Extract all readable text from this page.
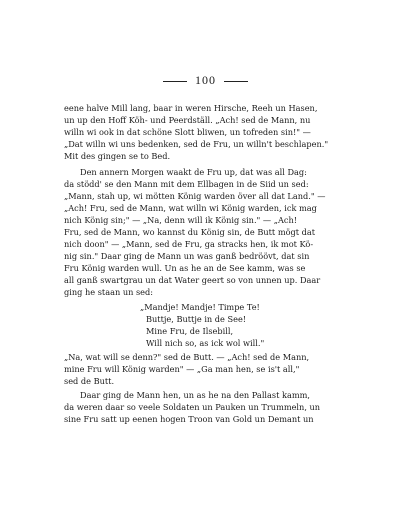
100
eene halve Mill lang, baar in weren Hirsche, Reeh un Hasen,
un up den Hoff Köh- und Peerdställ. „Ach! sed de Mann, nu
willn wi ook in dat schöne Slott bliwen, un tofreden sin!" —
„Dat willn wi uns bedenken, sed de Fru, un willn't beschlapen."
Mit des gingen se to Bed.
Den annern Morgen waakt de Fru up, dat was all Dag:
da stödd' se den Mann mit dem Ellbagen in de Siid un sed:
„Mann, stah up, wi mötten König warden över all dat Land." —
„Ach! Fru, sed de Mann, wat willn wi König warden, ick mag
nich König sin;" — „Na, denn will ik König sin." — „Ach!
Fru, sed de Mann, wo kannst du König sin, de Butt mögt dat
nich doon" — „Mann, sed de Fru, ga stracks hen, ik mot Kö-
nig sin." Daar ging de Mann un was ganß bedröövt, dat sin
Fru König warden wull. Un as he an de See kamm, was se
all ganß swartgrau un dat Water geert so von unnen up. Daar
ging he staan un sed:
„Mandje! Mandje! Timpe Te!
Buttje, Buttje in de See!
Mine Fru, de Ilsebill,
Will nich so, as ick wol will."
„Na, wat will se denn?" sed de Butt. — „Ach! sed de Mann,
mine Fru will König warden" — „Ga man hen, se is't all,"
sed de Butt.
Daar ging de Mann hen, un as he na den Pallast kamm,
da weren daar so veele Soldaten un Pauken un Trummeln, un
sine Fru satt up eenen hogen Troon van Gold un Demant un
